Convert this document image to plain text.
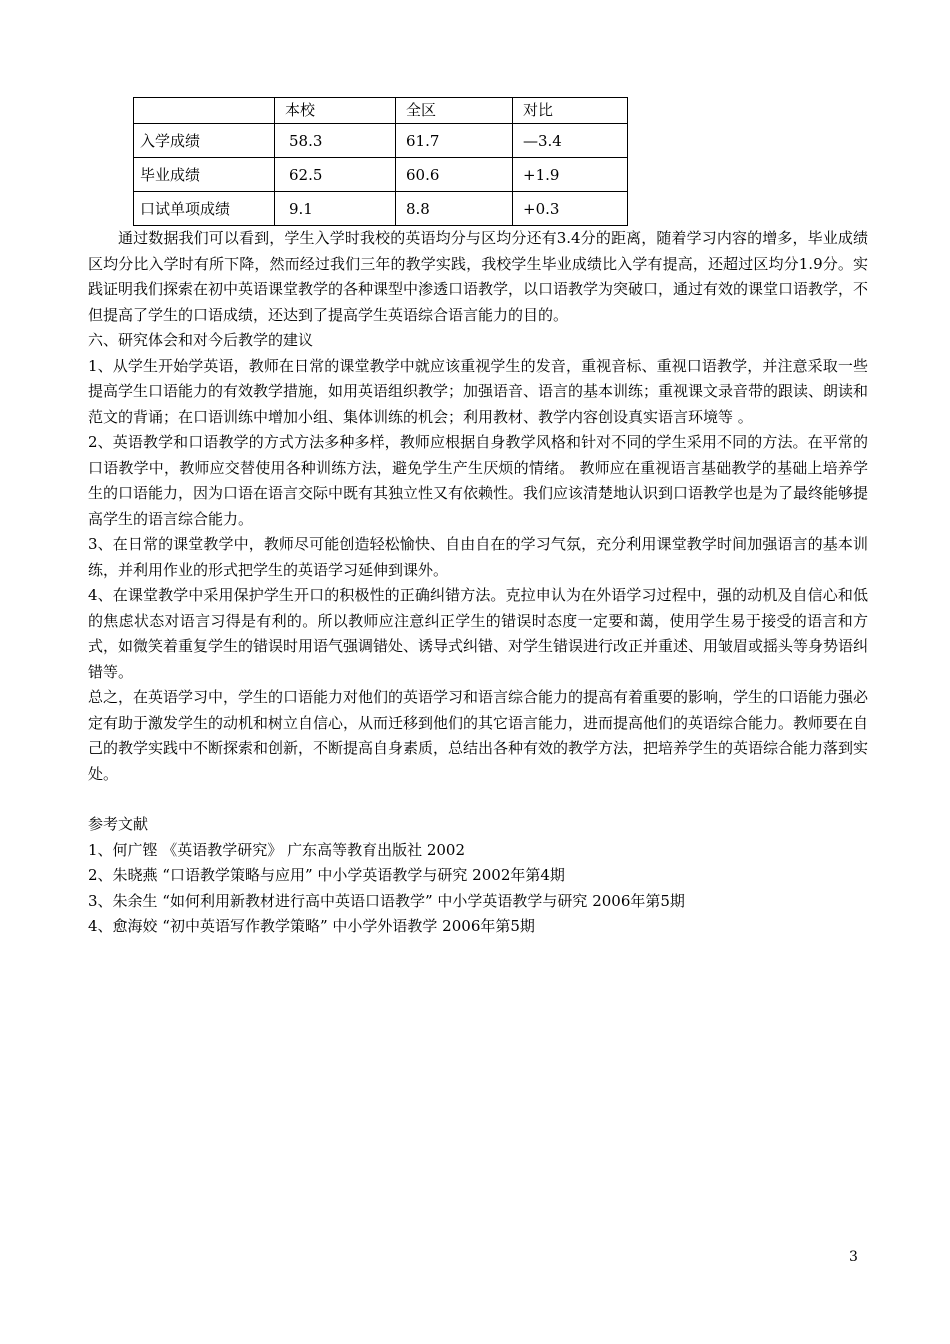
	本校	全区	对比
入学成绩	58.3	61.7	—3.4
毕业成绩	62.5	60.6	+1.9
口试单项成绩	9.1	8.8	+0.3

通过数据我们可以看到，学生入学时我校的英语均分与区均分还有3.4分的距离，随着学习内容的增多，毕业成绩区均分比入学时有所下降，然而经过我们三年的教学实践，我校学生毕业成绩比入学有提高，还超过区均分1.9分。实践证明我们探索在初中英语课堂教学的各种课型中渗透口语教学，以口语教学为突破口，通过有效的课堂口语教学，不但提高了学生的口语成绩，还达到了提高学生英语综合语言能力的目的。

六、研究体会和对今后教学的建议

1、从学生开始学英语，教师在日常的课堂教学中就应该重视学生的发音，重视音标、重视口语教学，并注意采取一些提高学生口语能力的有效教学措施，如用英语组织教学；加强语音、语言的基本训练；重视课文录音带的跟读、朗读和范文的背诵；在口语训练中增加小组、集体训练的机会；利用教材、教学内容创设真实语言环境等 。

2、英语教学和口语教学的方式方法多种多样，教师应根据自身教学风格和针对不同的学生采用不同的方法。在平常的口语教学中，教师应交替使用各种训练方法，避免学生产生厌烦的情绪。 教师应在重视语言基础教学的基础上培养学生的口语能力，因为口语在语言交际中既有其独立性又有依赖性。我们应该清楚地认识到口语教学也是为了最终能够提高学生的语言综合能力。

3、在日常的课堂教学中，教师尽可能创造轻松愉快、自由自在的学习气氛，充分利用课堂教学时间加强语言的基本训练，并利用作业的形式把学生的英语学习延伸到课外。

4、在课堂教学中采用保护学生开口的积极性的正确纠错方法。克拉申认为在外语学习过程中，强的动机及自信心和低的焦虑状态对语言习得是有利的。所以教师应注意纠正学生的错误时态度一定要和蔼，使用学生易于接受的语言和方式，如微笑着重复学生的错误时用语气强调错处、诱导式纠错、对学生错误进行改正并重述、用皱眉或摇头等身势语纠错等。

总之，在英语学习中，学生的口语能力对他们的英语学习和语言综合能力的提高有着重要的影响，学生的口语能力强必定有助于激发学生的动机和树立自信心，从而迁移到他们的其它语言能力，进而提高他们的英语综合能力。教师要在自己的教学实践中不断探索和创新，不断提高自身素质，总结出各种有效的教学方法，把培养学生的英语综合能力落到实处。

参考文献

1、何广铿 《英语教学研究》 广东高等教育出版社 2002

2、朱晓燕 “口语教学策略与应用” 中小学英语教学与研究 2002年第4期

3、朱余生 “如何利用新教材进行高中英语口语教学” 中小学英语教学与研究 2006年第5期

4、愈海姣 “初中英语写作教学策略” 中小学外语教学 2006年第5期

3
